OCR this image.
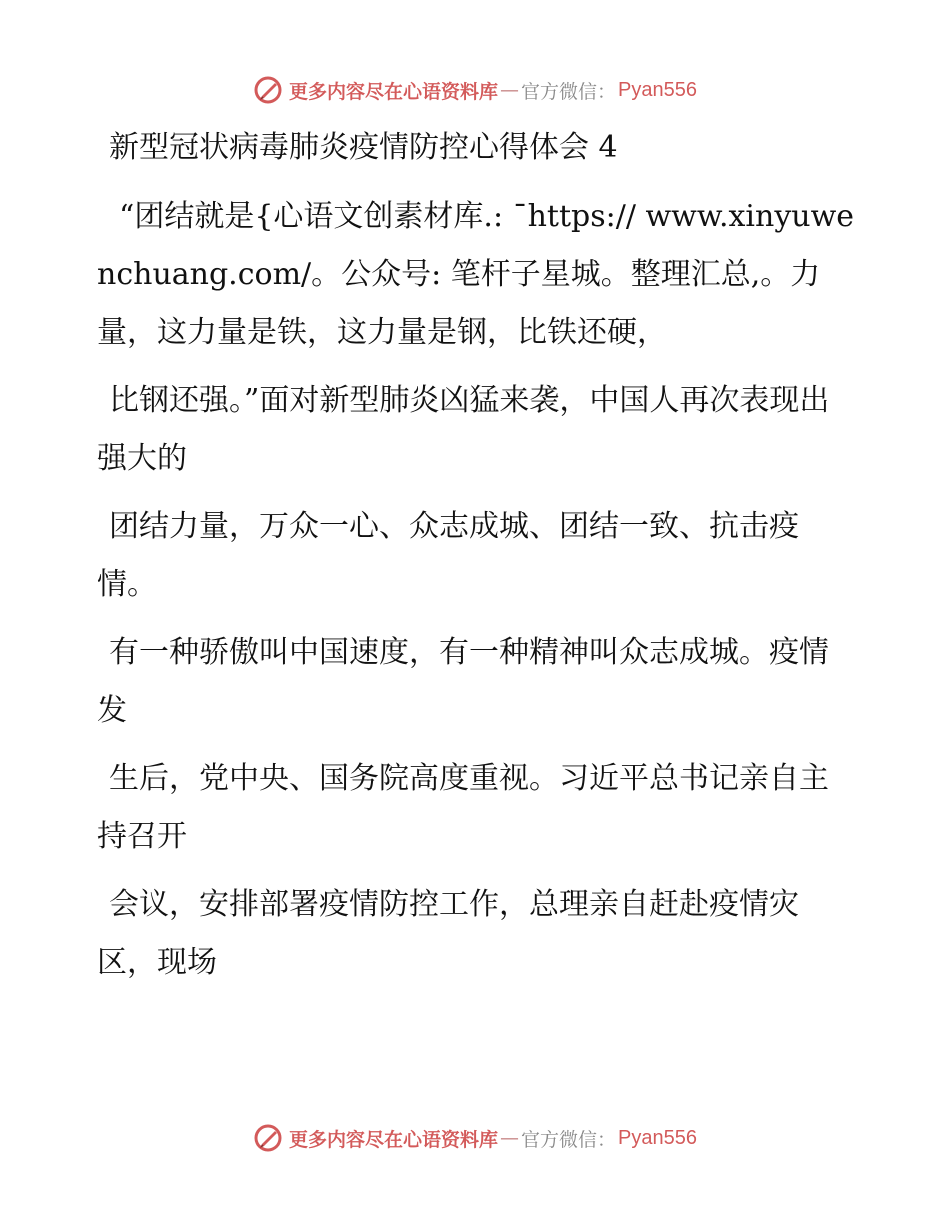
更多内容尽在心语资料库 — 官方微信： Pyan556
新型冠状病毒肺炎疫情防控心得体会 4

“团结就是{心语文创素材库.: ¯https:// www.xinyuwenchuang.com/。公众号: 笔杆子星城。整理汇总,。力量，这力量是铁，这力量是钢，比铁还硬，

比钢还强。”面对新型肺炎凶猛来袭，中国人再次表现出强大的

团结力量，万众一心、众志成城、团结一致、抗击疫情。

有一种骄傲叫中国速度，有一种精神叫众志成城。疫情发

生后，党中央、国务院高度重视。习近平总书记亲自主持召开

会议，安排部署疫情防控工作，总理亲自赶赴疫情灾区，现场

更多内容尽在心语资料库 — 官方微信： Pyan556
